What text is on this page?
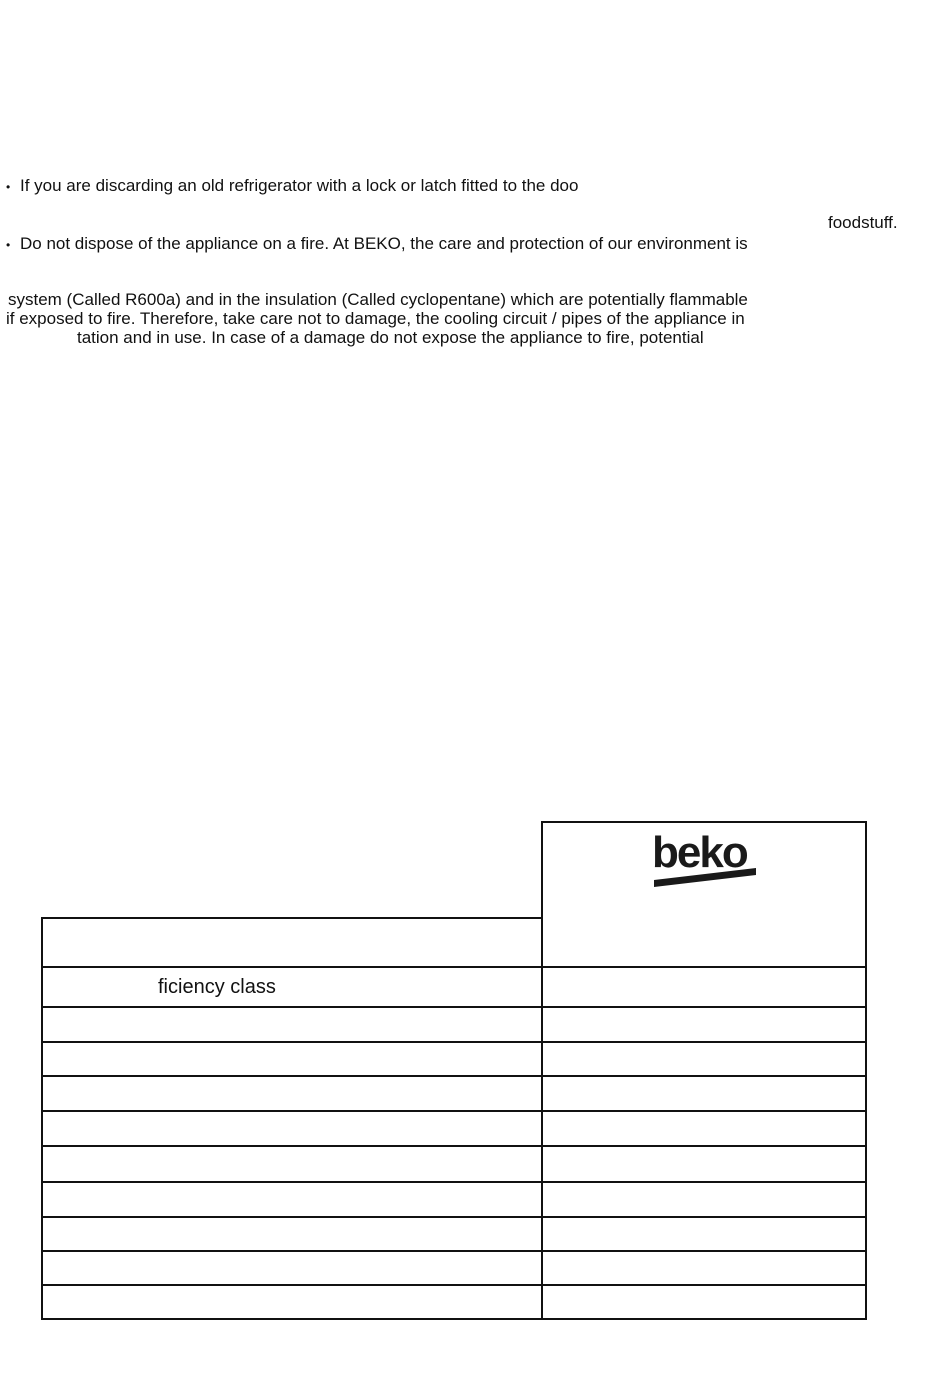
• If you are discarding an old refrigerator with a lock or latch fitted to the doo
foodstuff.
• Do not dispose of the appliance on a fire. At BEKO, the care and protection of our environment is
system (Called R600a) and in the insulation (Called cyclopentane) which are potentially flammable
if exposed to fire. Therefore, take care not to damage, the cooling circuit / pipes of the appliance in
tation and in use. In case of a damage do not expose the appliance to fire, potential
ficiency class
beko
